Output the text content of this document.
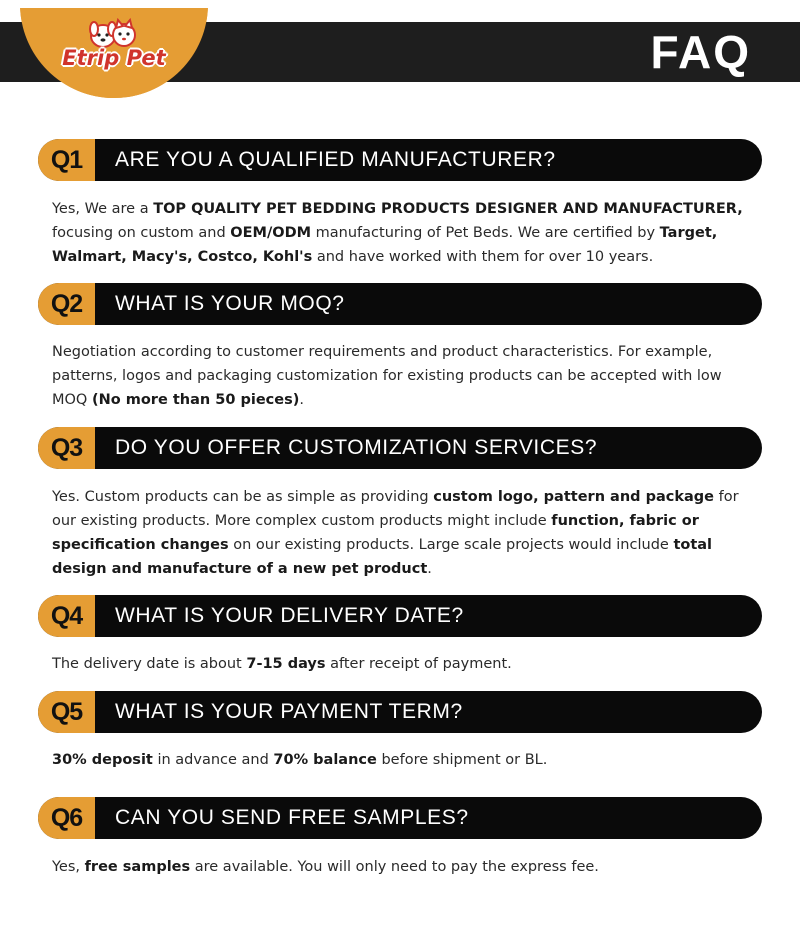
Etrip Pet	FAQ
Q1	ARE YOU A QUALIFIED MANUFACTURER?
Yes, We are a TOP QUALITY PET BEDDING PRODUCTS DESIGNER AND MANUFACTURER, focusing on custom and OEM/ODM manufacturing of Pet Beds. We are certified by Target, Walmart, Macy's, Costco, Kohl's and have worked with them for over 10 years.
Q2	WHAT IS YOUR MOQ?
Negotiation according to customer requirements and product characteristics. For example, patterns, logos and packaging customization for existing products can be accepted with low MOQ (No more than 50 pieces).
Q3	DO YOU OFFER CUSTOMIZATION SERVICES?
Yes. Custom products can be as simple as providing custom logo, pattern and package for our existing products. More complex custom products might include function, fabric or specification changes on our existing products. Large scale projects would include total design and manufacture of a new pet product.
Q4	WHAT IS YOUR DELIVERY DATE?
The delivery date is about 7-15 days after receipt of payment.
Q5	WHAT IS YOUR PAYMENT TERM?
30% deposit in advance and 70% balance before shipment or BL.
Q6	CAN YOU SEND FREE SAMPLES?
Yes, free samples are available. You will only need to pay the express fee.
